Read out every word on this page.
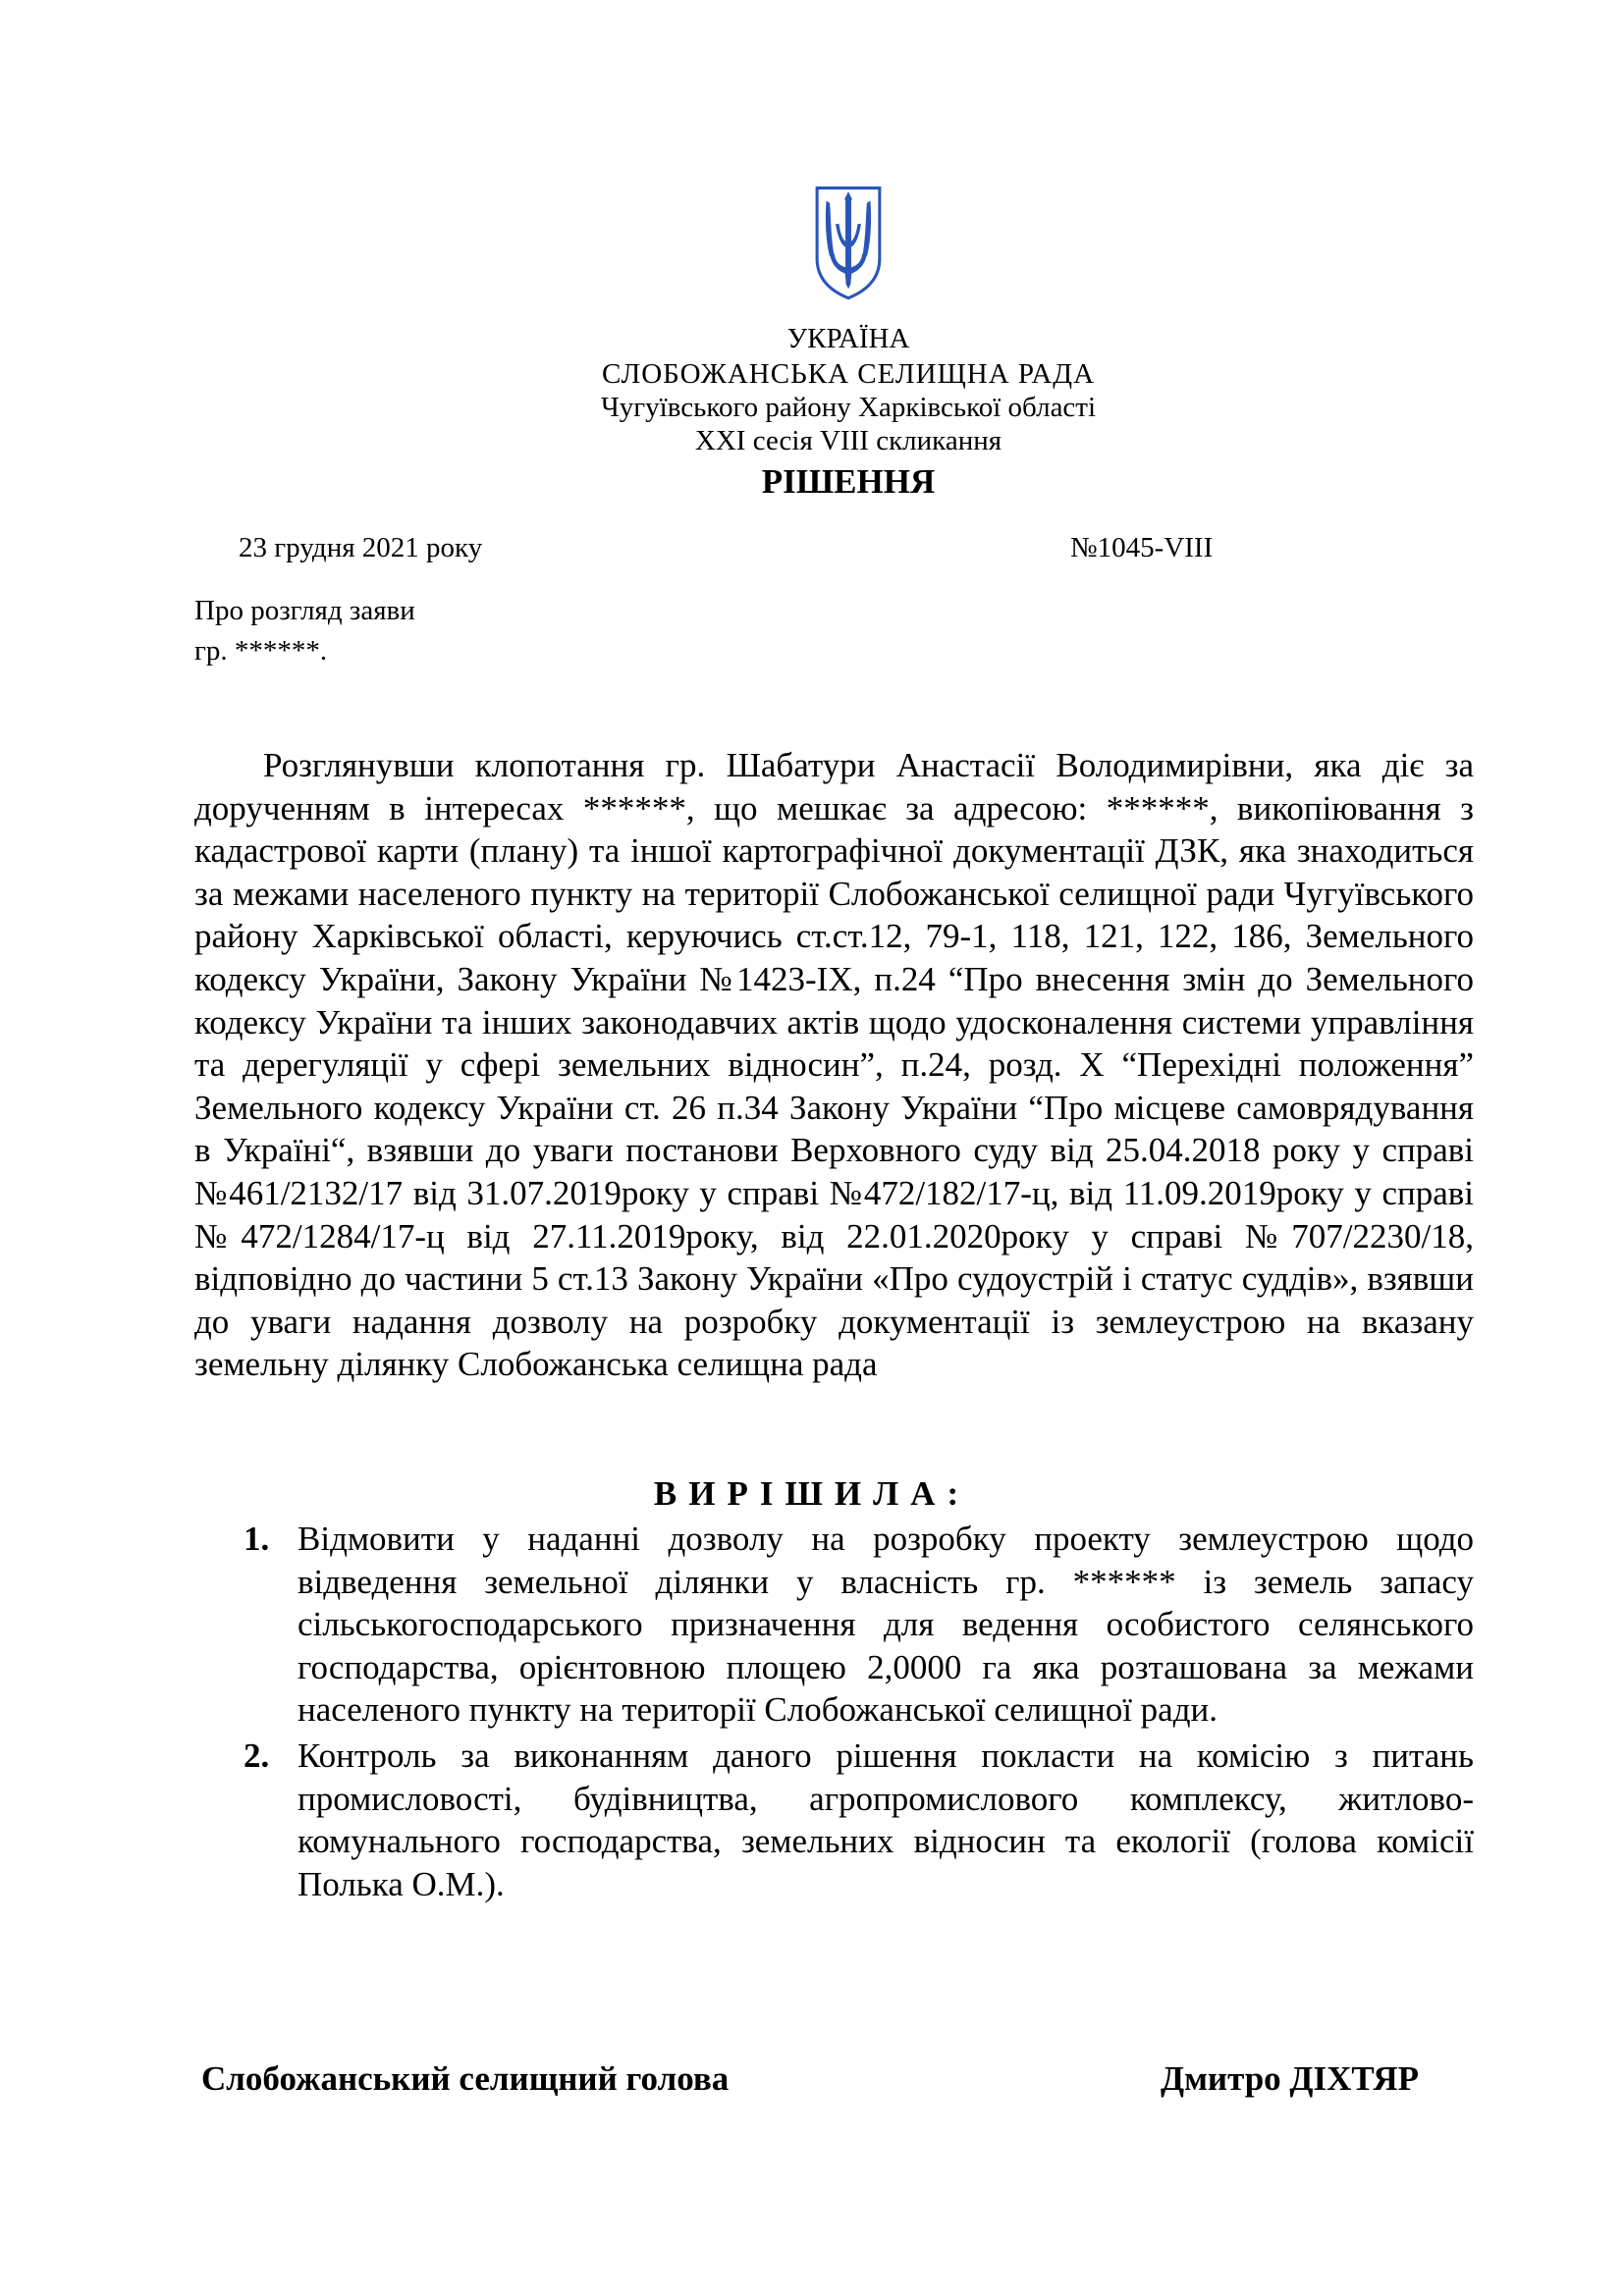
УКРАЇНА
СЛОБОЖАНСЬКА СЕЛИЩНА РАДА
Чугуївського району Харківської області
XXI сесія VIII скликання
РІШЕННЯ
23 грудня 2021 року	№1045-VIII
Про розгляд заяви
гр. ******.

Розглянувши клопотання гр. Шабатури Анастасії Володимирівни, яка діє за дорученням в інтересах ******, що мешкає за адресою: ******, викопіювання з кадастрової карти (плану) та іншої картографічної документації ДЗК, яка знаходиться за межами населеного пункту на території Слобожанської селищної ради Чугуївського району Харківської області, керуючись ст.ст.12, 79-1, 118, 121, 122, 186, Земельного кодексу України, Закону України №1423-ІХ, п.24 “Про внесення змін до Земельного кодексу України та інших законодавчих актів щодо удосконалення системи управління та дерегуляції у сфері земельних відносин”, п.24, розд. Х “Перехідні положення” Земельного кодексу України ст. 26 п.34 Закону України “Про місцеве самоврядування в Україні“, взявши до уваги постанови Верховного суду від 25.04.2018 року у справі №461/2132/17 від 31.07.2019року у справі №472/182/17-ц, від 11.09.2019року у справі №472/1284/17-ц від 27.11.2019року, від 22.01.2020року у справі №707/2230/18, відповідно до частини 5 ст.13 Закону України «Про судоустрій і статус суддів», взявши до уваги надання дозволу на розробку документації із землеустрою на вказану земельну ділянку Слобожанська селищна рада

ВИРІШИЛА:
1. Відмовити у наданні дозволу на розробку проекту землеустрою щодо відведення земельної ділянки у власність гр. ****** із земель запасу сільськогосподарського призначення для ведення особистого селянського господарства, орієнтовною площею 2,0000 га яка розташована за межами населеного пункту на території Слобожанської селищної ради.
2. Контроль за виконанням даного рішення покласти на комісію з питань промисловості, будівництва, агропромислового комплексу, житлово-комунального господарства, земельних відносин та екології (голова комісії Полька О.М.).
Слобожанський селищний голова	Дмитро ДІХТЯР
